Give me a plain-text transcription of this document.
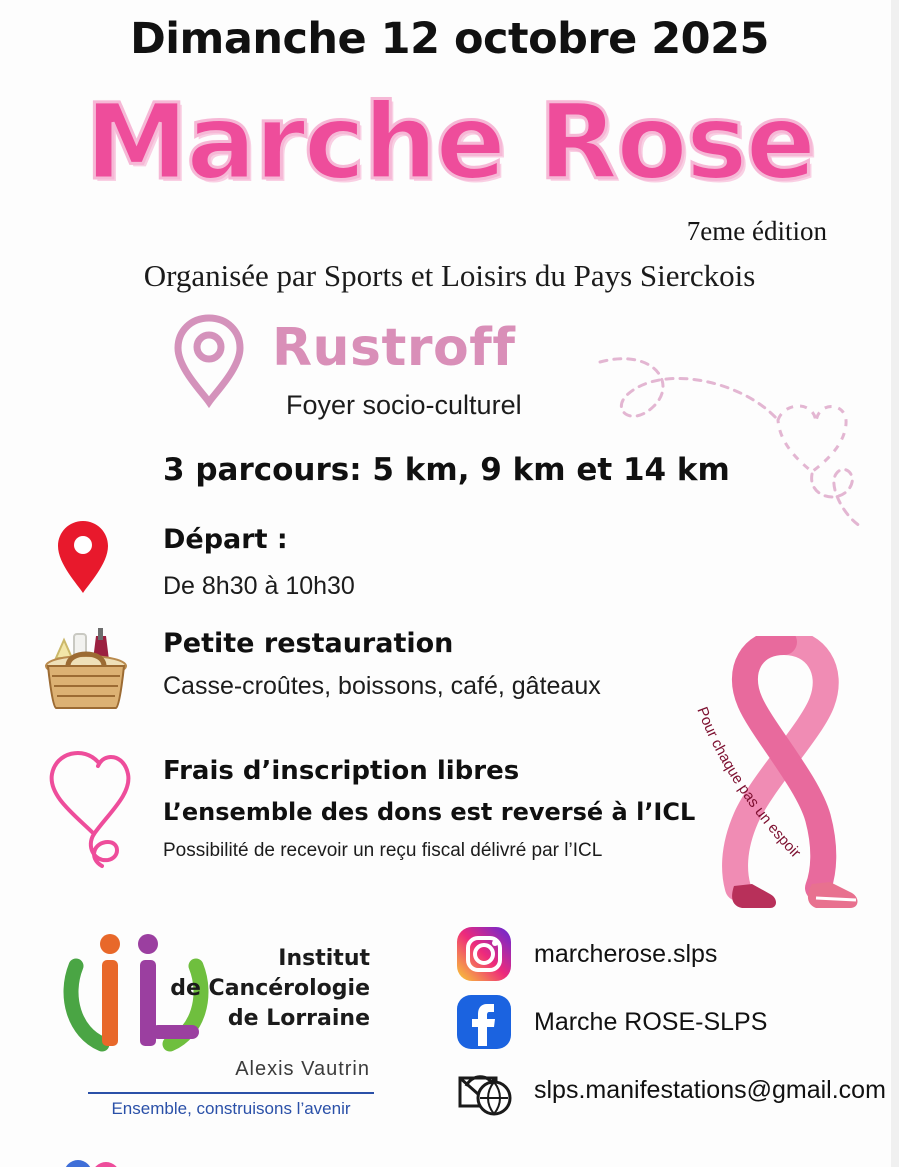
Dimanche 12 octobre 2025
Marche Rose
7eme édition
Organisée par Sports et Loisirs du Pays Sierckois
Rustroff
Foyer socio-culturel
3 parcours: 5 km, 9 km et 14 km
Départ :
De 8h30 à 10h30
Petite restauration
Casse-croûtes, boissons, café, gâteaux
Frais d’inscription libres
L’ensemble des dons est reversé à l’ICL
Possibilité de recevoir un reçu fiscal délivré par l’ICL
Pour chaque pas un espoir
Institut
de Cancérologie
de Lorraine
Alexis Vautrin
Ensemble, construisons l’avenir
marcherose.slps
Marche ROSE-SLPS
slps.manifestations@gmail.com
